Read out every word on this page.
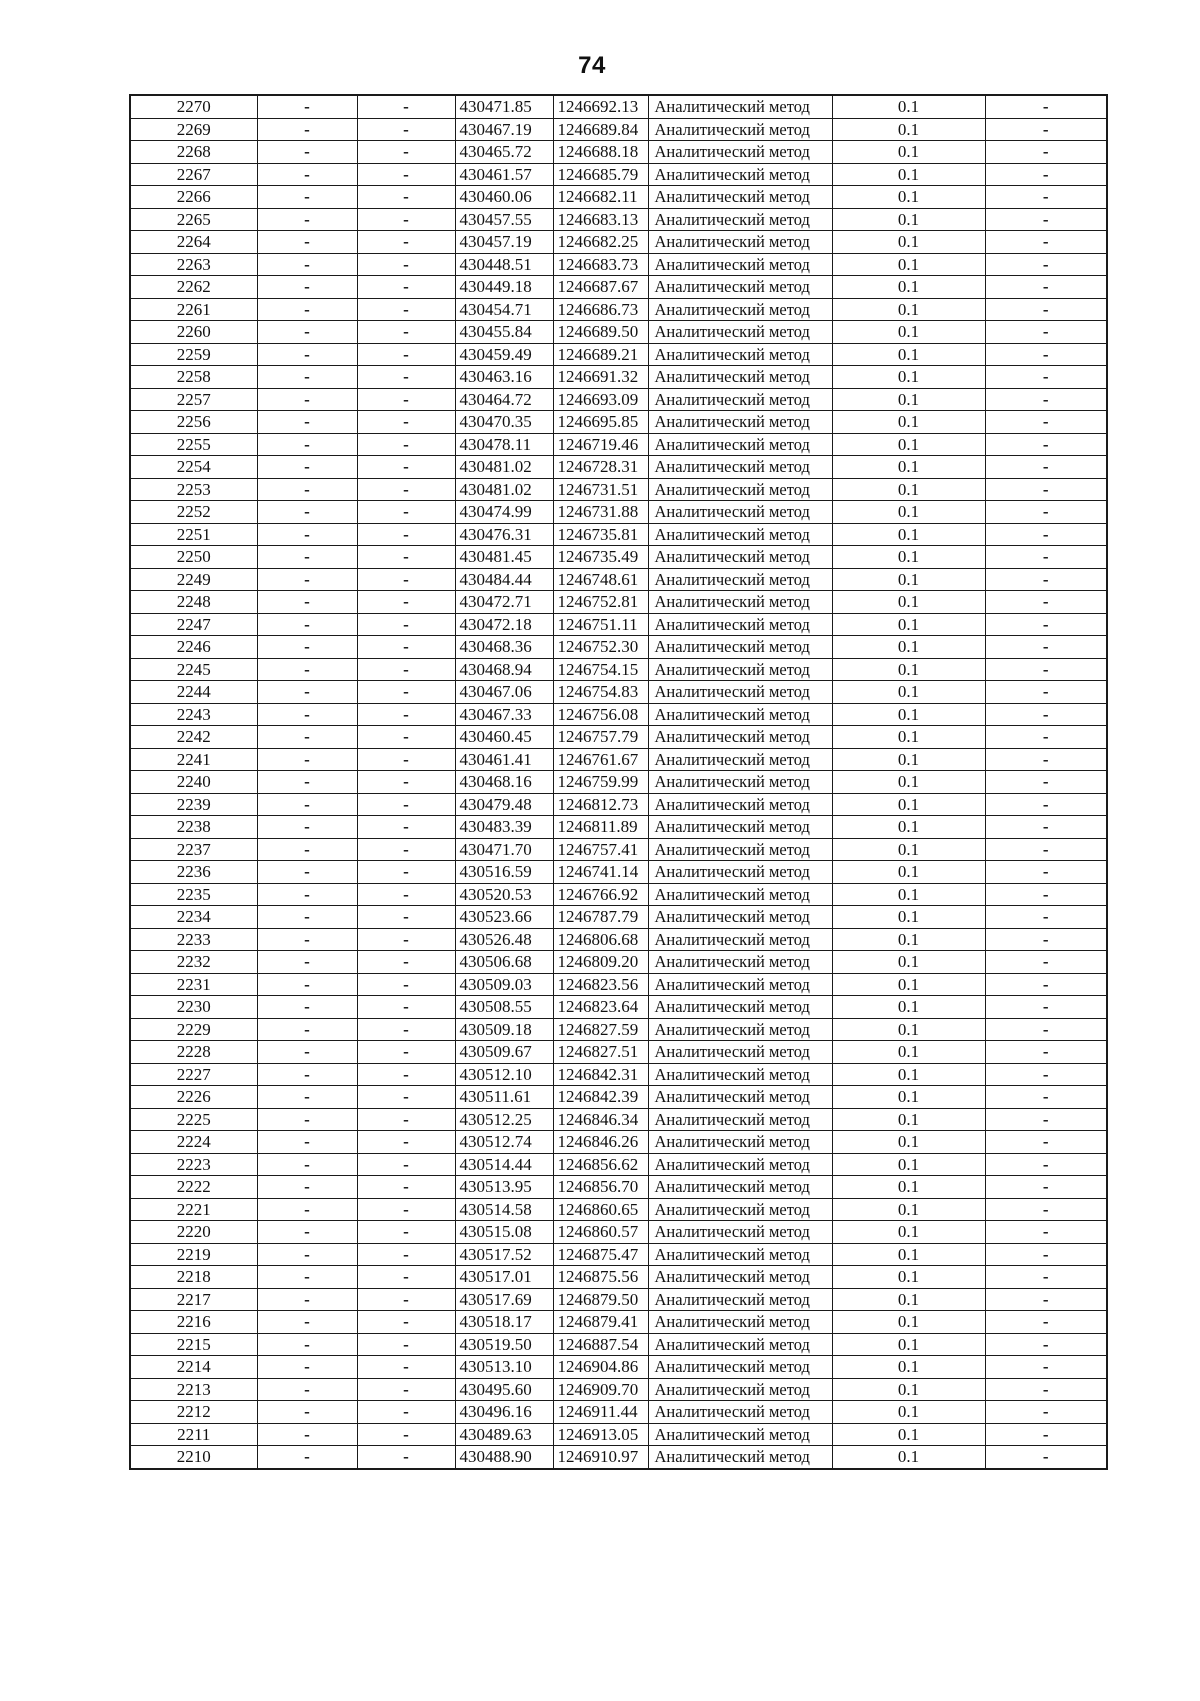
74
2270	-	-	430471.85	1246692.13	Аналитический метод	0.1	-
2269	-	-	430467.19	1246689.84	Аналитический метод	0.1	-
2268	-	-	430465.72	1246688.18	Аналитический метод	0.1	-
2267	-	-	430461.57	1246685.79	Аналитический метод	0.1	-
2266	-	-	430460.06	1246682.11	Аналитический метод	0.1	-
2265	-	-	430457.55	1246683.13	Аналитический метод	0.1	-
2264	-	-	430457.19	1246682.25	Аналитический метод	0.1	-
2263	-	-	430448.51	1246683.73	Аналитический метод	0.1	-
2262	-	-	430449.18	1246687.67	Аналитический метод	0.1	-
2261	-	-	430454.71	1246686.73	Аналитический метод	0.1	-
2260	-	-	430455.84	1246689.50	Аналитический метод	0.1	-
2259	-	-	430459.49	1246689.21	Аналитический метод	0.1	-
2258	-	-	430463.16	1246691.32	Аналитический метод	0.1	-
2257	-	-	430464.72	1246693.09	Аналитический метод	0.1	-
2256	-	-	430470.35	1246695.85	Аналитический метод	0.1	-
2255	-	-	430478.11	1246719.46	Аналитический метод	0.1	-
2254	-	-	430481.02	1246728.31	Аналитический метод	0.1	-
2253	-	-	430481.02	1246731.51	Аналитический метод	0.1	-
2252	-	-	430474.99	1246731.88	Аналитический метод	0.1	-
2251	-	-	430476.31	1246735.81	Аналитический метод	0.1	-
2250	-	-	430481.45	1246735.49	Аналитический метод	0.1	-
2249	-	-	430484.44	1246748.61	Аналитический метод	0.1	-
2248	-	-	430472.71	1246752.81	Аналитический метод	0.1	-
2247	-	-	430472.18	1246751.11	Аналитический метод	0.1	-
2246	-	-	430468.36	1246752.30	Аналитический метод	0.1	-
2245	-	-	430468.94	1246754.15	Аналитический метод	0.1	-
2244	-	-	430467.06	1246754.83	Аналитический метод	0.1	-
2243	-	-	430467.33	1246756.08	Аналитический метод	0.1	-
2242	-	-	430460.45	1246757.79	Аналитический метод	0.1	-
2241	-	-	430461.41	1246761.67	Аналитический метод	0.1	-
2240	-	-	430468.16	1246759.99	Аналитический метод	0.1	-
2239	-	-	430479.48	1246812.73	Аналитический метод	0.1	-
2238	-	-	430483.39	1246811.89	Аналитический метод	0.1	-
2237	-	-	430471.70	1246757.41	Аналитический метод	0.1	-
2236	-	-	430516.59	1246741.14	Аналитический метод	0.1	-
2235	-	-	430520.53	1246766.92	Аналитический метод	0.1	-
2234	-	-	430523.66	1246787.79	Аналитический метод	0.1	-
2233	-	-	430526.48	1246806.68	Аналитический метод	0.1	-
2232	-	-	430506.68	1246809.20	Аналитический метод	0.1	-
2231	-	-	430509.03	1246823.56	Аналитический метод	0.1	-
2230	-	-	430508.55	1246823.64	Аналитический метод	0.1	-
2229	-	-	430509.18	1246827.59	Аналитический метод	0.1	-
2228	-	-	430509.67	1246827.51	Аналитический метод	0.1	-
2227	-	-	430512.10	1246842.31	Аналитический метод	0.1	-
2226	-	-	430511.61	1246842.39	Аналитический метод	0.1	-
2225	-	-	430512.25	1246846.34	Аналитический метод	0.1	-
2224	-	-	430512.74	1246846.26	Аналитический метод	0.1	-
2223	-	-	430514.44	1246856.62	Аналитический метод	0.1	-
2222	-	-	430513.95	1246856.70	Аналитический метод	0.1	-
2221	-	-	430514.58	1246860.65	Аналитический метод	0.1	-
2220	-	-	430515.08	1246860.57	Аналитический метод	0.1	-
2219	-	-	430517.52	1246875.47	Аналитический метод	0.1	-
2218	-	-	430517.01	1246875.56	Аналитический метод	0.1	-
2217	-	-	430517.69	1246879.50	Аналитический метод	0.1	-
2216	-	-	430518.17	1246879.41	Аналитический метод	0.1	-
2215	-	-	430519.50	1246887.54	Аналитический метод	0.1	-
2214	-	-	430513.10	1246904.86	Аналитический метод	0.1	-
2213	-	-	430495.60	1246909.70	Аналитический метод	0.1	-
2212	-	-	430496.16	1246911.44	Аналитический метод	0.1	-
2211	-	-	430489.63	1246913.05	Аналитический метод	0.1	-
2210	-	-	430488.90	1246910.97	Аналитический метод	0.1	-
